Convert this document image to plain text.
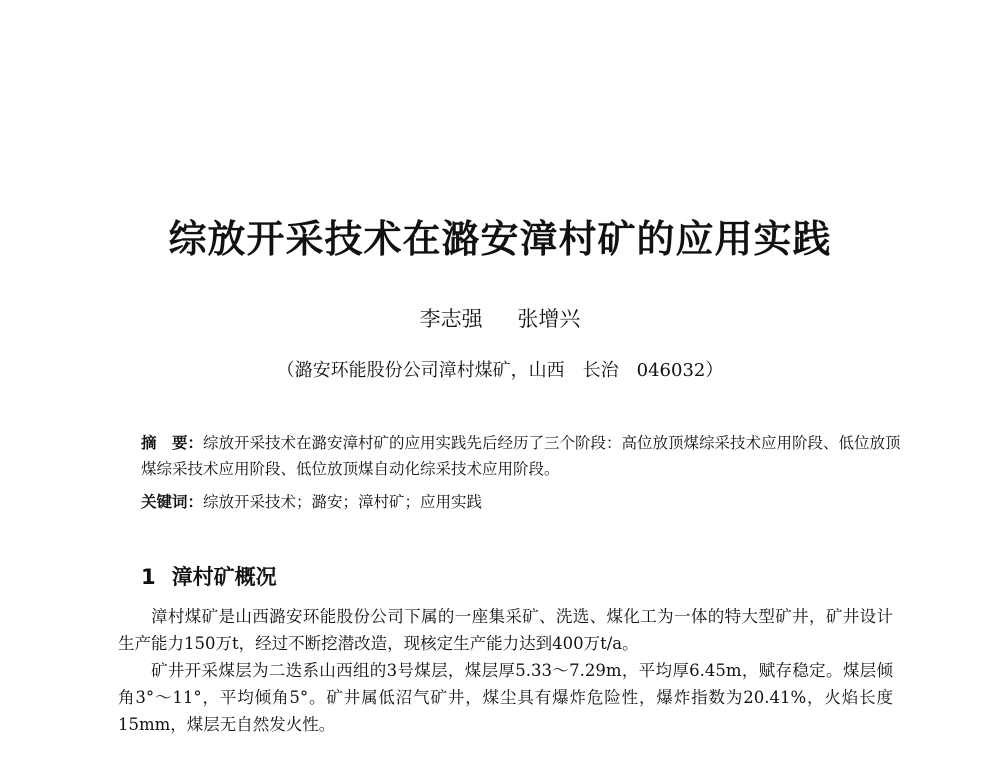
综放开采技术在潞安漳村矿的应用实践
李志强 张增兴
（潞安环能股份公司漳村煤矿，山西　长治　046032）
摘　要：综放开采技术在潞安漳村矿的应用实践先后经历了三个阶段：高位放顶煤综采技术应用阶段、低位放顶煤综采技术应用阶段、低位放顶煤自动化综采技术应用阶段。
关键词：综放开采技术；潞安；漳村矿；应用实践
1 漳村矿概况

漳村煤矿是山西潞安环能股份公司下属的一座集采矿、洗选、煤化工为一体的特大型矿井，矿井设计生产能力150万t，经过不断挖潜改造，现核定生产能力达到400万t/a。

矿井开采煤层为二迭系山西组的3号煤层，煤层厚5.33～7.29m，平均厚6.45m，赋存稳定。煤层倾角3°～11°，平均倾角5°。矿井属低沼气矿井，煤尘具有爆炸危险性，爆炸指数为20.41%，火焰长度15mm，煤层无自然发火性。
